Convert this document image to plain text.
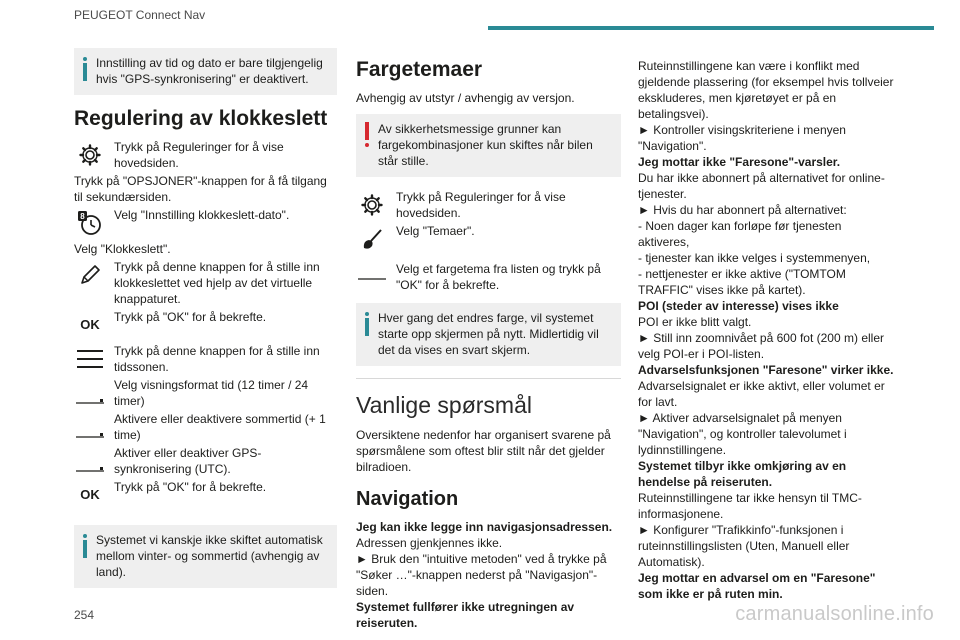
PEUGEOT Connect Nav
Innstilling av tid og dato er bare tilgjengelig hvis "GPS-synkronisering" er deaktivert.
Regulering av klokkeslett
Trykk på Reguleringer for å vise hovedsiden.

Trykk på "OPSJONER"-knappen for å få tilgang til sekundærsiden.

8 Velg "Innstilling klokkeslett-dato".

Velg "Klokkeslett".

Trykk på denne knappen for å stille inn klokkeslettet ved hjelp av det virtuelle knappaturet.
OK	Trykk på "OK" for å bekrefte.
Trykk på denne knappen for å stille inn tidssonen.
Velg visningsformat tid (12 timer / 24 timer)
Aktivere eller deaktivere sommertid (+ 1 time)
Aktiver eller deaktiver GPS-synkronisering (UTC).
OK	Trykk på "OK" for å bekrefte.
Systemet vi kanskje ikke skiftet automatisk mellom vinter- og sommertid (avhengig av land).
Fargetemaer

Avhengig av utstyr / avhengig av versjon.

Av sikkerhetsmessige grunner kan fargekombinasjoner kun skiftes når bilen står stille.
Trykk på Reguleringer for å vise hovedsiden.
Velg "Temaer".
Velg et fargetema fra listen og trykk på "OK" for å bekrefte.
Hver gang det endres farge, vil systemet starte opp skjermen på nytt. Midlertidig vil det da vises en svart skjerm.
Vanlige spørsmål

Oversiktene nedenfor har organisert svarene på spørsmålene som oftest blir stilt når det gjelder bilradioen.

Navigation

Jeg kan ikke legge inn navigasjonsadressen.

Adressen gjenkjennes ikke.

► Bruk den "intuitive metoden" ved å trykke på "Søker …"-knappen nederst på "Navigasjon"-siden.

Systemet fullfører ikke utregningen av reiseruten.

Ruteinnstillingene kan være i konflikt med gjeldende plassering (for eksempel hvis tollveier ekskluderes, men kjøretøyet er på en betalingsvei).

► Kontroller visingskriteriene i menyen "Navigation".

Jeg mottar ikke "Faresone"-varsler.

Du har ikke abonnert på alternativet for online-tjenester.

► Hvis du har abonnert på alternativet:

- Noen dager kan forløpe før tjenesten aktiveres,

- tjenester kan ikke velges i systemmenyen,

- nettjenester er ikke aktive ("TOMTOM TRAFFIC" vises ikke på kartet).

POI (steder av interesse) vises ikke

POI er ikke blitt valgt.

► Still inn zoomnivået på 600 fot (200 m) eller velg POI-er i POI-listen.

Advarselsfunksjonen "Faresone" virker ikke.

Advarselsignalet er ikke aktivt, eller volumet er for lavt.

► Aktiver advarselsignalet på menyen "Navigation", og kontroller talevolumet i lydinnstillingene.

Systemet tilbyr ikke omkjøring av en hendelse på reiseruten.

Ruteinnstillingene tar ikke hensyn til TMC-informasjonene.

► Konfigurer "Trafikkinfo"-funksjonen i ruteinnstillingslisten (Uten, Manuell eller Automatisk).

Jeg mottar en advarsel om en "Faresone" som ikke er på ruten min.

254	carmanualsonline.info
